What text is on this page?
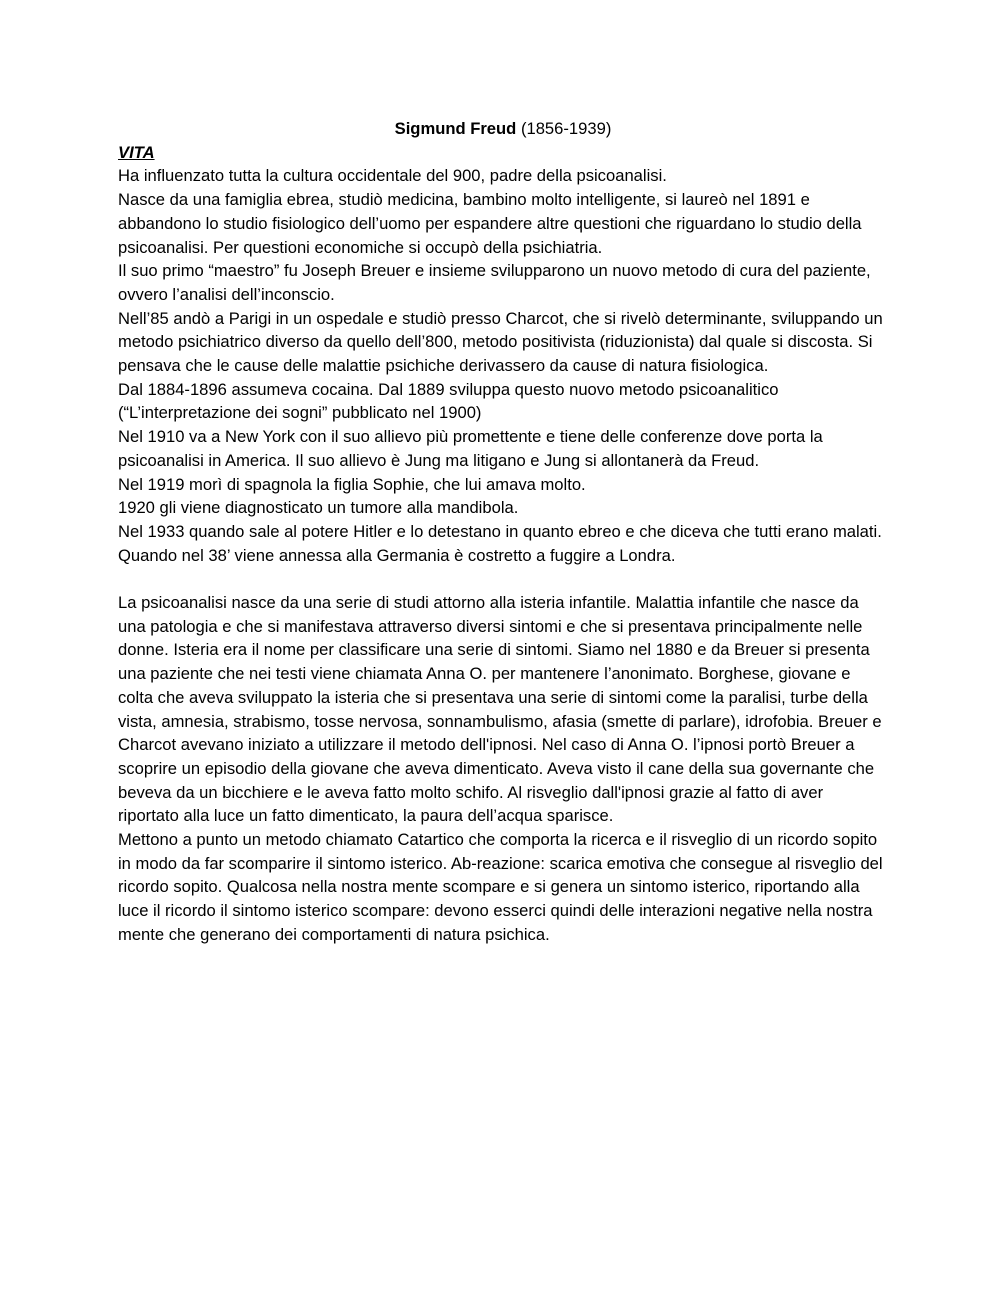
Sigmund Freud (1856-1939)
VITA

Ha influenzato tutta la cultura occidentale del 900, padre della psicoanalisi.

Nasce da una famiglia ebrea, studiò medicina, bambino molto intelligente, si laureò nel 1891 e abbandono lo studio fisiologico dell’uomo per espandere altre questioni che riguardano lo studio della psicoanalisi. Per questioni economiche si occupò della psichiatria.

Il suo primo “maestro” fu Joseph Breuer e insieme svilupparono un nuovo metodo di cura del paziente, ovvero l’analisi dell’inconscio.

Nell’85 andò a Parigi in un ospedale e studiò presso Charcot, che si rivelò determinante, sviluppando un metodo psichiatrico diverso da quello dell’800, metodo positivista (riduzionista) dal quale si discosta. Si pensava che le cause delle malattie psichiche derivassero da cause di natura fisiologica.

Dal 1884-1896 assumeva cocaina. Dal 1889 sviluppa questo nuovo metodo psicoanalitico (“L’interpretazione dei sogni” pubblicato nel 1900)

Nel 1910 va a New York con il suo allievo più promettente e tiene delle conferenze dove porta la psicoanalisi in America. Il suo allievo è Jung ma litigano e Jung si allontanerà da Freud.

Nel 1919 morì di spagnola la figlia Sophie, che lui amava molto.

1920 gli viene diagnosticato un tumore alla mandibola.

Nel 1933 quando sale al potere Hitler e lo detestano in quanto ebreo e che diceva che tutti erano malati. Quando nel 38’ viene annessa alla Germania è costretto a fuggire a Londra.

La psicoanalisi nasce da una serie di studi attorno alla isteria infantile. Malattia infantile che nasce da una patologia e che si manifestava attraverso diversi sintomi e che si presentava principalmente nelle donne. Isteria era il nome per classificare una serie di sintomi. Siamo nel 1880 e da Breuer si presenta una paziente che nei testi viene chiamata Anna O. per mantenere l’anonimato. Borghese, giovane e colta che aveva sviluppato la isteria che si presentava una serie di sintomi come la paralisi, turbe della vista, amnesia, strabismo, tosse nervosa, sonnambulismo, afasia (smette di parlare), idrofobia. Breuer e Charcot avevano iniziato a utilizzare il metodo dell'ipnosi. Nel caso di Anna O. l’ipnosi portò Breuer a scoprire un episodio della giovane che aveva dimenticato. Aveva visto il cane della sua governante che beveva da un bicchiere e le aveva fatto molto schifo. Al risveglio dall'ipnosi grazie al fatto di aver riportato alla luce un fatto dimenticato, la paura dell’acqua sparisce.

Mettono a punto un metodo chiamato Catartico che comporta la ricerca e il risveglio di un ricordo sopito in modo da far scomparire il sintomo isterico. Ab-reazione: scarica emotiva che consegue al risveglio del ricordo sopito. Qualcosa nella nostra mente scompare e si genera un sintomo isterico, riportando alla luce il ricordo il sintomo isterico scompare: devono esserci quindi delle interazioni negative nella nostra mente che generano dei comportamenti di natura psichica.
